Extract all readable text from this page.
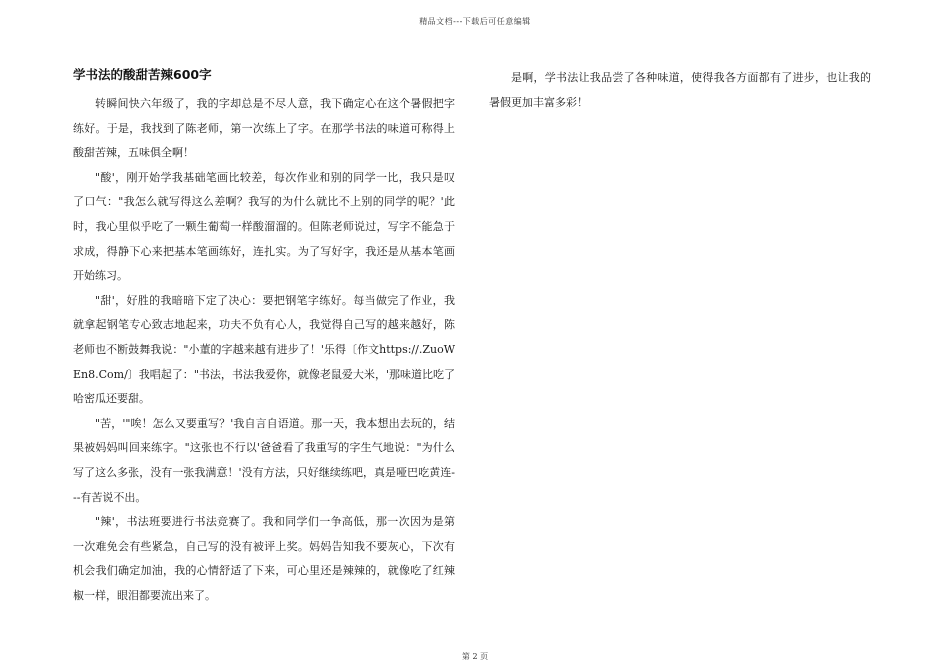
精品文档---下载后可任意编辑
学书法的酸甜苦辣600字

转瞬间快六年级了，我的字却总是不尽人意，我下确定心在这个暑假把字练好。于是，我找到了陈老师，第一次练上了字。在那学书法的味道可称得上酸甜苦辣，五味俱全啊！

"酸'，刚开始学我基础笔画比较差，每次作业和别的同学一比，我只是叹了口气："我怎么就写得这么差啊？我写的为什么就比不上别的同学的呢？'此时，我心里似乎吃了一颗生葡萄一样酸溜溜的。但陈老师说过，写字不能急于求成，得静下心来把基本笔画练好，连扎实。为了写好字，我还是从基本笔画开始练习。

"甜'，好胜的我暗暗下定了决心：要把钢笔字练好。每当做完了作业，我就拿起钢笔专心致志地起来，功夫不负有心人，我觉得自己写的越来越好，陈老师也不断鼓舞我说："小董的字越来越有进步了！'乐得〔作文https://.ZuoWEn8.Com/〕我唱起了："书法，书法我爱你，就像老鼠爱大米，'那味道比吃了哈密瓜还要甜。

"苦，'"唉！怎么又要重写？'我自言自语道。那一天，我本想出去玩的，结果被妈妈叫回来练字。"这张也不行以'爸爸看了我重写的字生气地说："为什么写了这么多张，没有一张我满意！'没有方法，只好继续练吧，真是哑巴吃黄连---有苦说不出。

"辣'，书法班要进行书法竞赛了。我和同学们一争高低，那一次因为是第一次难免会有些紧急，自己写的没有被评上奖。妈妈告知我不要灰心，下次有机会我们确定加油，我的心情舒适了下来，可心里还是辣辣的，就像吃了红辣椒一样，眼泪都要流出来了。

是啊，学书法让我品尝了各种味道，使得我各方面都有了进步，也让我的暑假更加丰富多彩！

第 2 页
